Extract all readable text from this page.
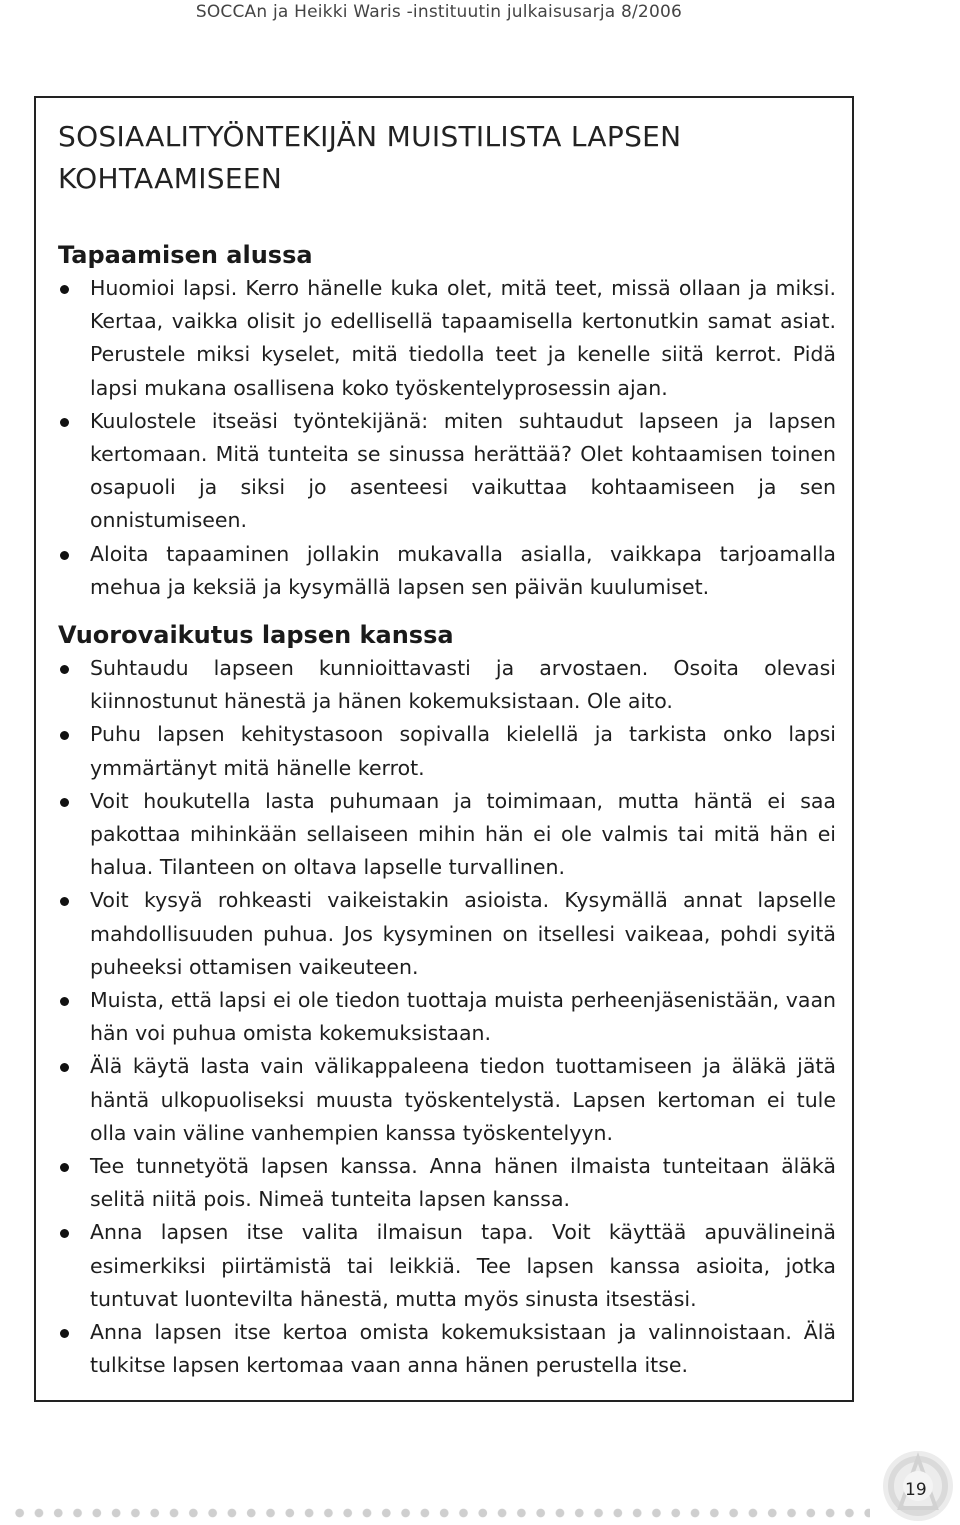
SOCCAn ja Heikki Waris -instituutin julkaisusarja 8/2006
SOSIAALITYÖNTEKIJÄN MUISTILISTA LAPSEN KOHTAAMISEEN
Tapaamisen alussa
Huomioi lapsi. Kerro hänelle kuka olet, mitä teet, missä ollaan ja miksi. Kertaa, vaikka olisit jo edellisellä tapaamisella kertonutkin samat asiat. Perustele miksi kyselet, mitä tiedolla teet ja kenelle siitä kerrot. Pidä lapsi mukana osallisena koko työskentelyprosessin ajan.
Kuulostele itseäsi työntekijänä: miten suhtaudut lapseen ja lapsen kertomaan. Mitä tunteita se sinussa herättää? Olet kohtaamisen toinen osapuoli ja siksi jo asenteesi vaikuttaa kohtaamiseen ja sen onnistumiseen.
Aloita tapaaminen jollakin mukavalla asialla, vaikkapa tarjoamalla mehua ja keksiä ja kysymällä lapsen sen päivän kuulumiset.
Vuorovaikutus lapsen kanssa
Suhtaudu lapseen kunnioittavasti ja arvostaen. Osoita olevasi kiinnostunut hänestä ja hänen kokemuksistaan. Ole aito.
Puhu lapsen kehitystasoon sopivalla kielellä ja tarkista onko lapsi ymmärtänyt mitä hänelle kerrot.
Voit houkutella lasta puhumaan ja toimimaan, mutta häntä ei saa pakottaa mihinkään sellaiseen mihin hän ei ole valmis tai mitä hän ei halua. Tilanteen on oltava lapselle turvallinen.
Voit kysyä rohkeasti vaikeistakin asioista. Kysymällä annat lapselle mahdollisuuden puhua. Jos kysyminen on itsellesi vaikeaa, pohdi syitä puheeksi ottamisen vaikeuteen.
Muista, että lapsi ei ole tiedon tuottaja muista perheenjäsenistään, vaan hän voi puhua omista kokemuksistaan.
Älä käytä lasta vain välikappaleena tiedon tuottamiseen ja äläkä jätä häntä ulkopuoliseksi muusta työskentelystä. Lapsen kertoman ei tule olla vain väline vanhempien kanssa työskentelyyn.
Tee tunnetyötä lapsen kanssa. Anna hänen ilmaista tunteitaan äläkä selitä niitä pois. Nimeä tunteita lapsen kanssa.
Anna lapsen itse valita ilmaisun tapa. Voit käyttää apuvälineinä esimerkiksi piirtämistä tai leikkiä. Tee lapsen kanssa asioita, jotka tuntuvat luontevilta hänestä, mutta myös sinusta itsestäsi.
Anna lapsen itse kertoa omista kokemuksistaan ja valinnoistaan. Älä tulkitse lapsen kertomaa vaan anna hänen perustella itse.
19
